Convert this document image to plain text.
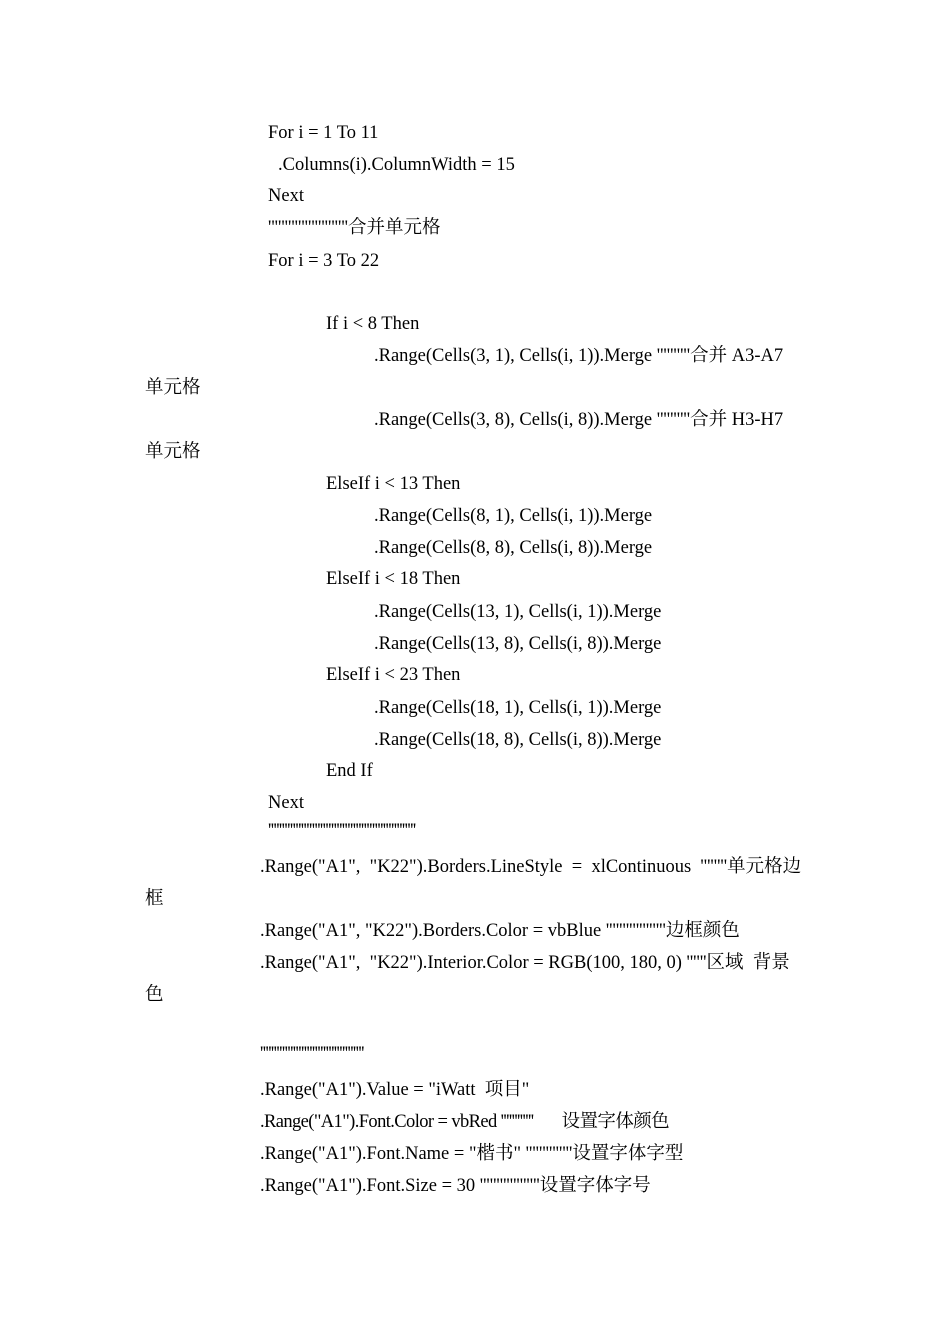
For i = 1 To 11
.Columns(i).ColumnWidth = 15
Next
''''''''''''''''''''''''合并单元格
For i = 3 To 22
If i < 8 Then
.Range(Cells(3, 1), Cells(i, 1)).Merge ''''''''''合并 A3-A7
单元格
.Range(Cells(3, 8), Cells(i, 8)).Merge ''''''''''合并 H3-H7
单元格
ElseIf i < 13 Then
.Range(Cells(8, 1), Cells(i, 1)).Merge
.Range(Cells(8, 8), Cells(i, 8)).Merge
ElseIf i < 18 Then
.Range(Cells(13, 1), Cells(i, 1)).Merge
.Range(Cells(13, 8), Cells(i, 8)).Merge
ElseIf i < 23 Then
.Range(Cells(18, 1), Cells(i, 1)).Merge
.Range(Cells(18, 8), Cells(i, 8)).Merge
End If
Next
''''''''''''''''''''''''''''''''''''''''''''''''''''''
.Range("A1",  "K22").Borders.LineStyle  =  xlContinuous  ''''''''单元格边
框
.Range("A1", "K22").Borders.Color = vbBlue ''''''''''''''''''边框颜色
.Range("A1",  "K22").Interior.Color = RGB(100, 180, 0) ''''''区域  背景
色
''''''''''''''''''''''''''''''''''''''
.Range("A1").Value = "iWatt  项目"
.Range("A1").Font.Color = vbRed ''''''''''''       设置字体颜色
.Range("A1").Font.Name = "楷书" ''''''''''''''设置字体字型
.Range("A1").Font.Size = 30 ''''''''''''''''''设置字体字号
